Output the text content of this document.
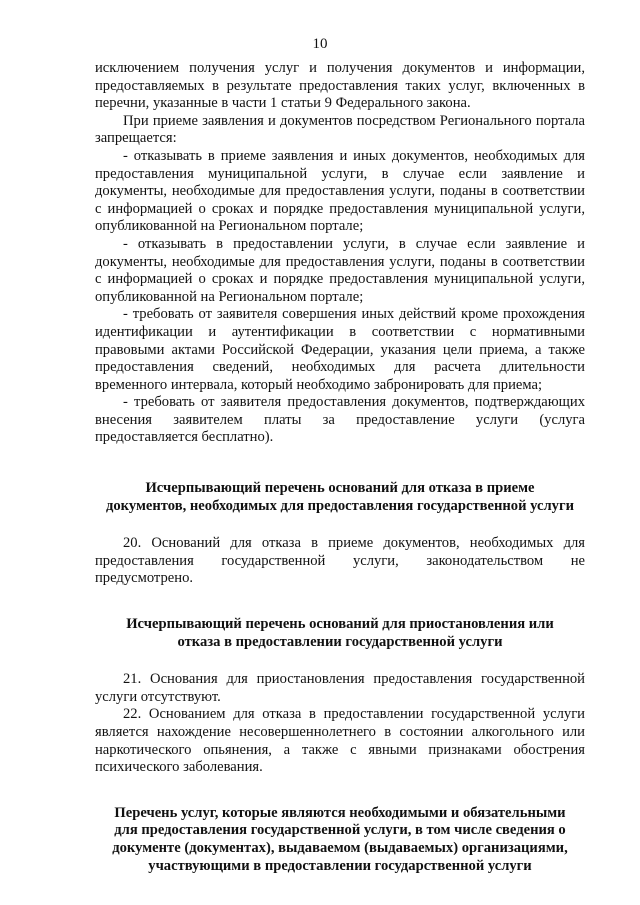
10

исключением получения услуг и получения документов и информации, предоставляемых в результате предоставления таких услуг, включенных в перечни, указанные в части 1 статьи 9 Федерального закона.

При приеме заявления и документов посредством Регионального портала запрещается:

- отказывать в приеме заявления и иных документов, необходимых для предоставления муниципальной услуги, в случае если заявление и документы, необходимые для предоставления услуги, поданы в соответствии с информацией о сроках и порядке предоставления муниципальной услуги, опубликованной на Региональном портале;

- отказывать в предоставлении услуги, в случае если заявление и документы, необходимые для предоставления услуги, поданы в соответствии с информацией о сроках и порядке предоставления муниципальной услуги, опубликованной на Региональном портале;

- требовать от заявителя совершения иных действий кроме прохождения идентификации и аутентификации в соответствии с нормативными правовыми актами Российской Федерации, указания цели приема, а также предоставления сведений, необходимых для расчета длительности временного интервала, который необходимо забронировать для приема;

- требовать от заявителя предоставления документов, подтверждающих внесения заявителем платы за предоставление услуги (услуга предоставляется бесплатно).

Исчерпывающий перечень оснований для отказа в приеме
документов, необходимых для предоставления государственной услуги

20. Оснований для отказа в приеме документов, необходимых для предоставления государственной услуги, законодательством не предусмотрено.

Исчерпывающий перечень оснований для приостановления или
отказа в предоставлении государственной услуги

21. Основания для приостановления предоставления государственной услуги отсутствуют.

22. Основанием для отказа в предоставлении государственной услуги является нахождение несовершеннолетнего в состоянии алкогольного или наркотического опьянения, а также с явными признаками обострения психического заболевания.

Перечень услуг, которые являются необходимыми и обязательными
для предоставления государственной услуги, в том числе сведения о
документе (документах), выдаваемом (выдаваемых) организациями,
участвующими в предоставлении государственной услуги
